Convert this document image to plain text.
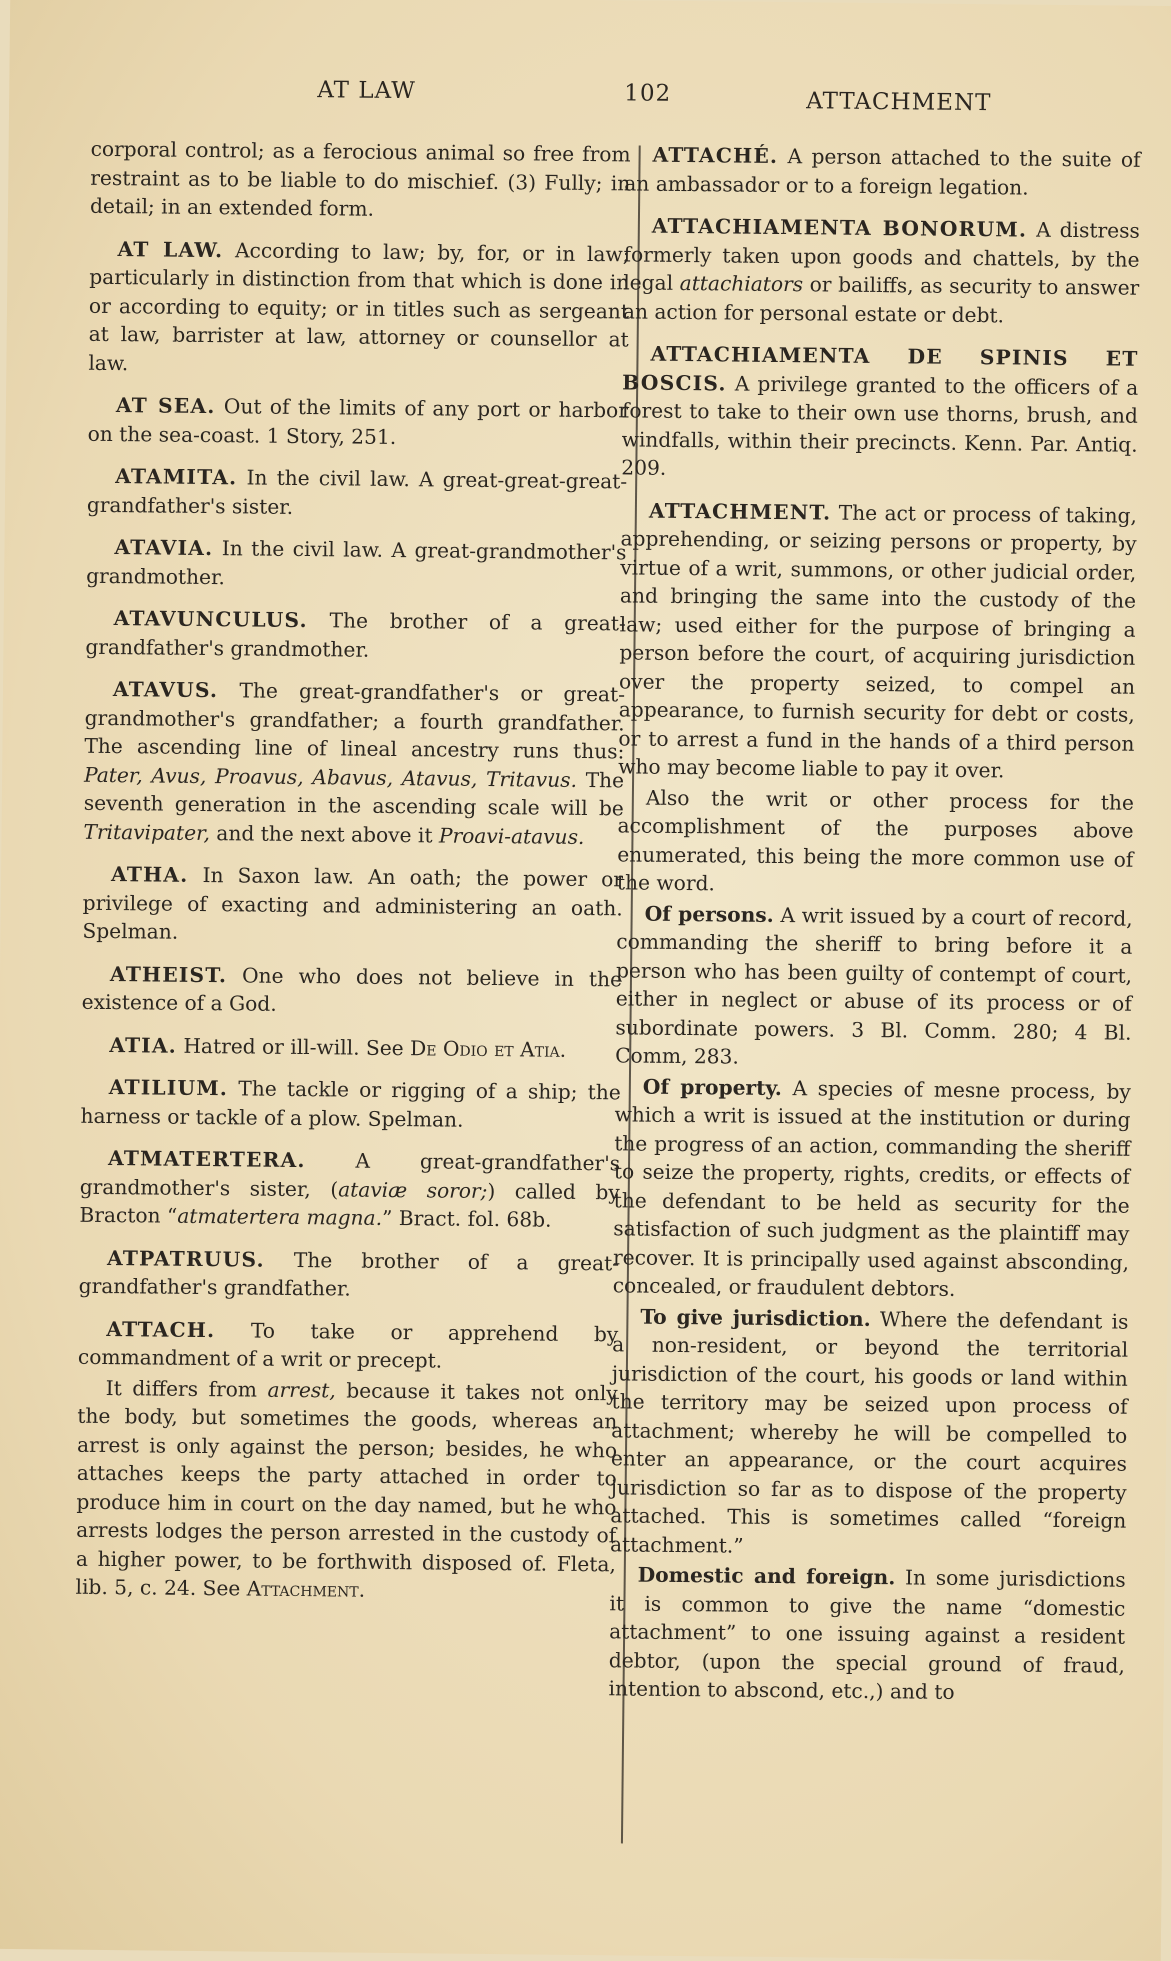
AT LAW	102	ATTACHMENT

corporal control; as a ferocious animal so free from restraint as to be liable to do mischief. (3) Fully; in detail; in an extended form.

AT LAW. According to law; by, for, or in law; particularly in distinction from that which is done in or according to equity; or in titles such as sergeant at law, barrister at law, attorney or counsellor at law.

AT SEA. Out of the limits of any port or harbor on the sea-coast. 1 Story, 251.

ATAMITA. In the civil law. A great-great-great-grandfather's sister.

ATAVIA. In the civil law. A great-grandmother's grandmother.

ATAVUNCULUS. The brother of a great-grandfather's grandmother.

ATAVUS. The great-grandfather's or great-grandmother's grandfather; a fourth grandfather. The ascending line of lineal ancestry runs thus: Pater, Avus, Proavus, Abavus, Atavus, Tritavus. The seventh generation in the ascending scale will be Tritavipater, and the next above it Proavi-atavus.

ATHA. In Saxon law. An oath; the power or privilege of exacting and administering an oath. Spelman.

ATHEIST. One who does not believe in the existence of a God.

ATIA. Hatred or ill-will. See De Odio et Atia.

ATILIUM. The tackle or rigging of a ship; the harness or tackle of a plow. Spelman.

ATMATERTERA. A great-grandfather's grandmother's sister, (ataviæ soror;) called by Bracton “atmatertera magna.” Bract. fol. 68b.

ATPATRUUS. The brother of a great-grandfather's grandfather.

ATTACH. To take or apprehend by commandment of a writ or precept.

It differs from arrest, because it takes not only the body, but sometimes the goods, whereas an arrest is only against the person; besides, he who attaches keeps the party attached in order to produce him in court on the day named, but he who arrests lodges the person arrested in the custody of a higher power, to be forthwith disposed of. Fleta, lib. 5, c. 24. See Attachment.

ATTACHÉ. A person attached to the suite of an ambassador or to a foreign legation.

ATTACHIAMENTA BONORUM. A distress formerly taken upon goods and chattels, by the legal attachiators or bailiffs, as security to answer an action for personal estate or debt.

ATTACHIAMENTA DE SPINIS ET BOSCIS. A privilege granted to the officers of a forest to take to their own use thorns, brush, and windfalls, within their precincts. Kenn. Par. Antiq. 209.

ATTACHMENT. The act or process of taking, apprehending, or seizing persons or property, by virtue of a writ, summons, or other judicial order, and bringing the same into the custody of the law; used either for the purpose of bringing a person before the court, of acquiring jurisdiction over the property seized, to compel an appearance, to furnish security for debt or costs, or to arrest a fund in the hands of a third person who may become liable to pay it over.

Also the writ or other process for the accomplishment of the purposes above enumerated, this being the more common use of the word.

Of persons. A writ issued by a court of record, commanding the sheriff to bring before it a person who has been guilty of contempt of court, either in neglect or abuse of its process or of subordinate powers. 3 Bl. Comm. 280; 4 Bl. Comm, 283.

Of property. A species of mesne process, by which a writ is issued at the institution or during the progress of an action, commanding the sheriff to seize the property, rights, credits, or effects of the defendant to be held as security for the satisfaction of such judgment as the plaintiff may recover. It is principally used against absconding, concealed, or fraudulent debtors.

To give jurisdiction. Where the defendant is a non-resident, or beyond the territorial jurisdiction of the court, his goods or land within the territory may be seized upon process of attachment; whereby he will be compelled to enter an appearance, or the court acquires jurisdiction so far as to dispose of the property attached. This is sometimes called “foreign attachment.”

Domestic and foreign. In some jurisdictions it is common to give the name “domestic attachment” to one issuing against a resident debtor, (upon the special ground of fraud, intention to abscond, etc.,) and to
